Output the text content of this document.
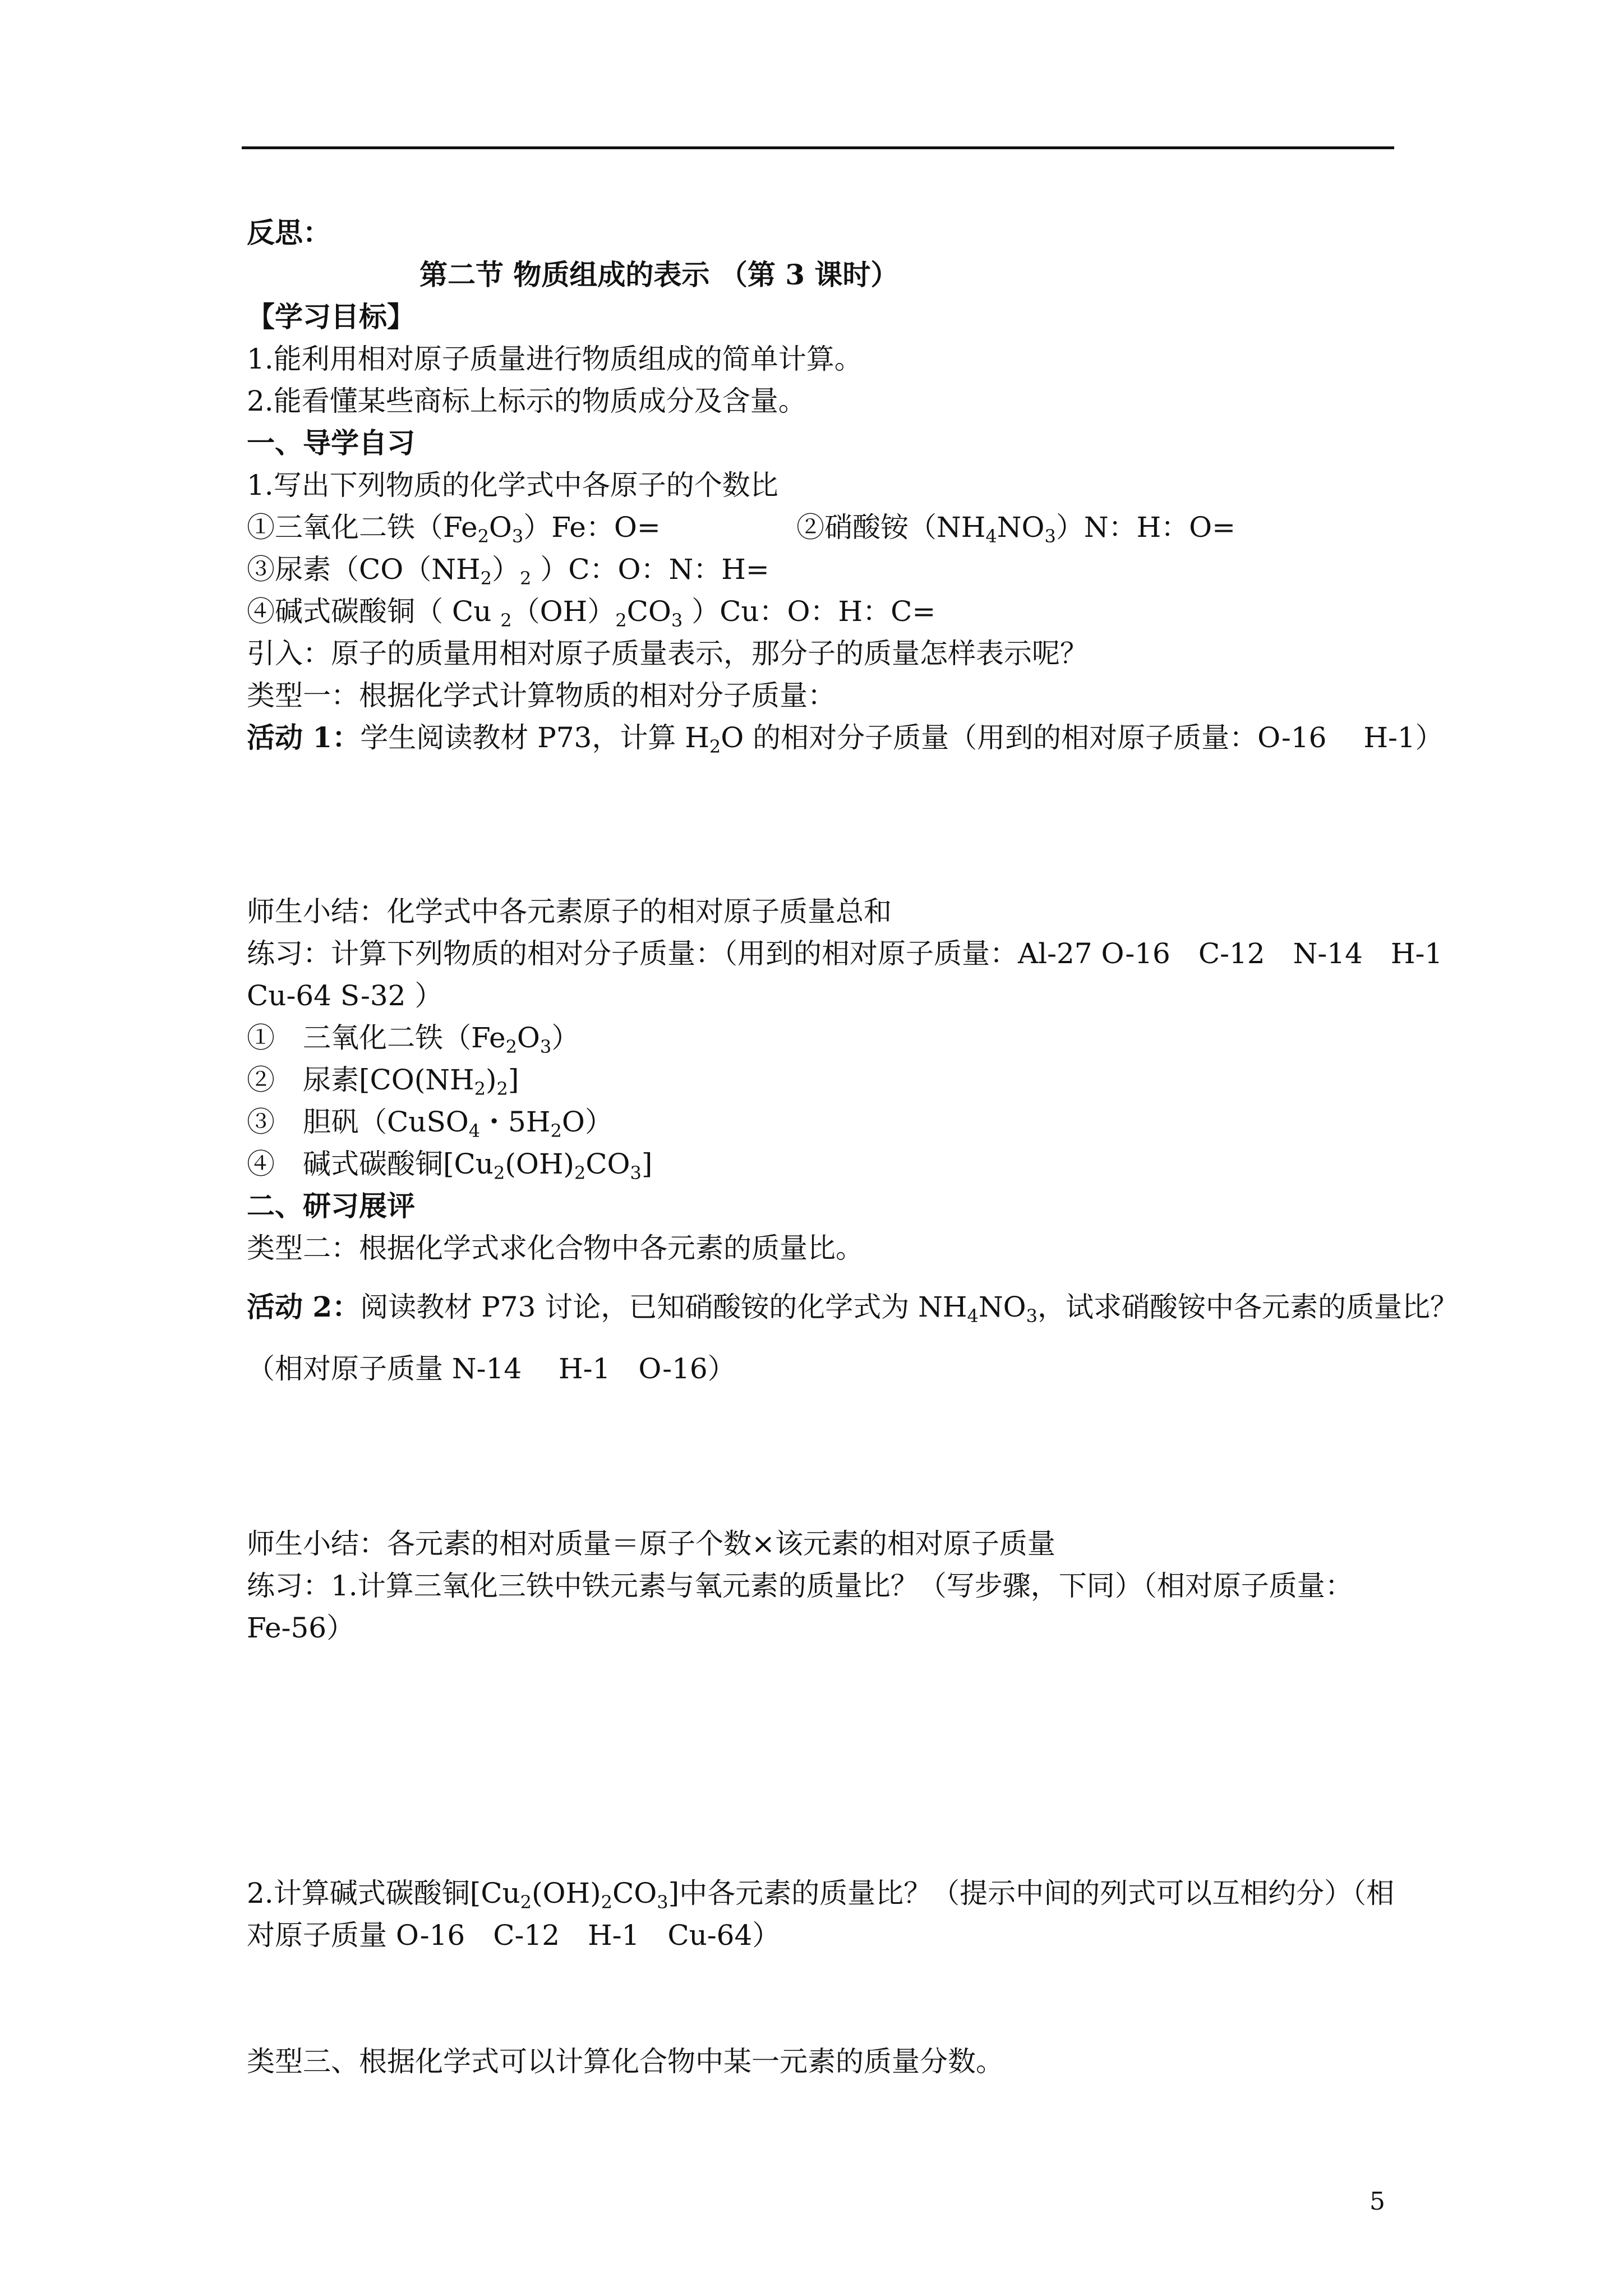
反思：
第二节 物质组成的表示 （第 3 课时）
【学习目标】
1.能利用相对原子质量进行物质组成的简单计算。
2.能看懂某些商标上标示的物质成分及含量。
一、导学自习
1.写出下列物质的化学式中各原子的个数比
①三氧化二铁$(Fe_2O_3)Fe$：O=	②硝酸铵$(NH_4NO_3)N$：H：O=
③尿素（$CO(NH_2)_2$ ）C：O：N：H=
④碱式碳酸铜（ Cu $_2(OH)_2CO_3$ ）Cu：O：H：C=
引入：原子的质量用相对原子质量表示，那分子的质量怎样表示呢？
类型一：根据化学式计算物质的相对分子质量：
活动 1：学生阅读教材 P73，计算 $H_2O$ 的相对分子质量（用到的相对原子质量：O-16　 H-1）
师生小结：化学式中各元素原子的相对原子质量总和
练习：计算下列物质的相对分子质量：（用到的相对原子质量：Al-27 O-16　C-12　N-14　H-1
Cu-64 S-32 ）
①　三氧化二铁$(Fe_2O_3)$
②　尿素$[CO(NH_2)_2]$
③　胆矾（CuSO$_4$・$5H_2O$）
④　碱式碳酸铜$[Cu_2(OH)_2CO_3]$
二、研习展评
类型二：根据化学式求化合物中各元素的质量比。
活动 2：阅读教材 P73 讨论，已知硝酸铵的化学式为 $NH_4NO_3$，试求硝酸铵中各元素的质量比？
（相对原子质量 N-14　 H-1　O-16）
师生小结：各元素的相对质量＝原子个数×该元素的相对原子质量
练习：1.计算三氧化三铁中铁元素与氧元素的质量比？（写步骤，下同）（相对原子质量：
Fe-56）
2.计算碱式碳酸铜$[Cu_2(OH)_2CO_3]$中各元素的质量比？（提示中间的列式可以互相约分）（相
对原子质量 O-16　C-12　H-1　Cu-64）
类型三、根据化学式可以计算化合物中某一元素的质量分数。
5
